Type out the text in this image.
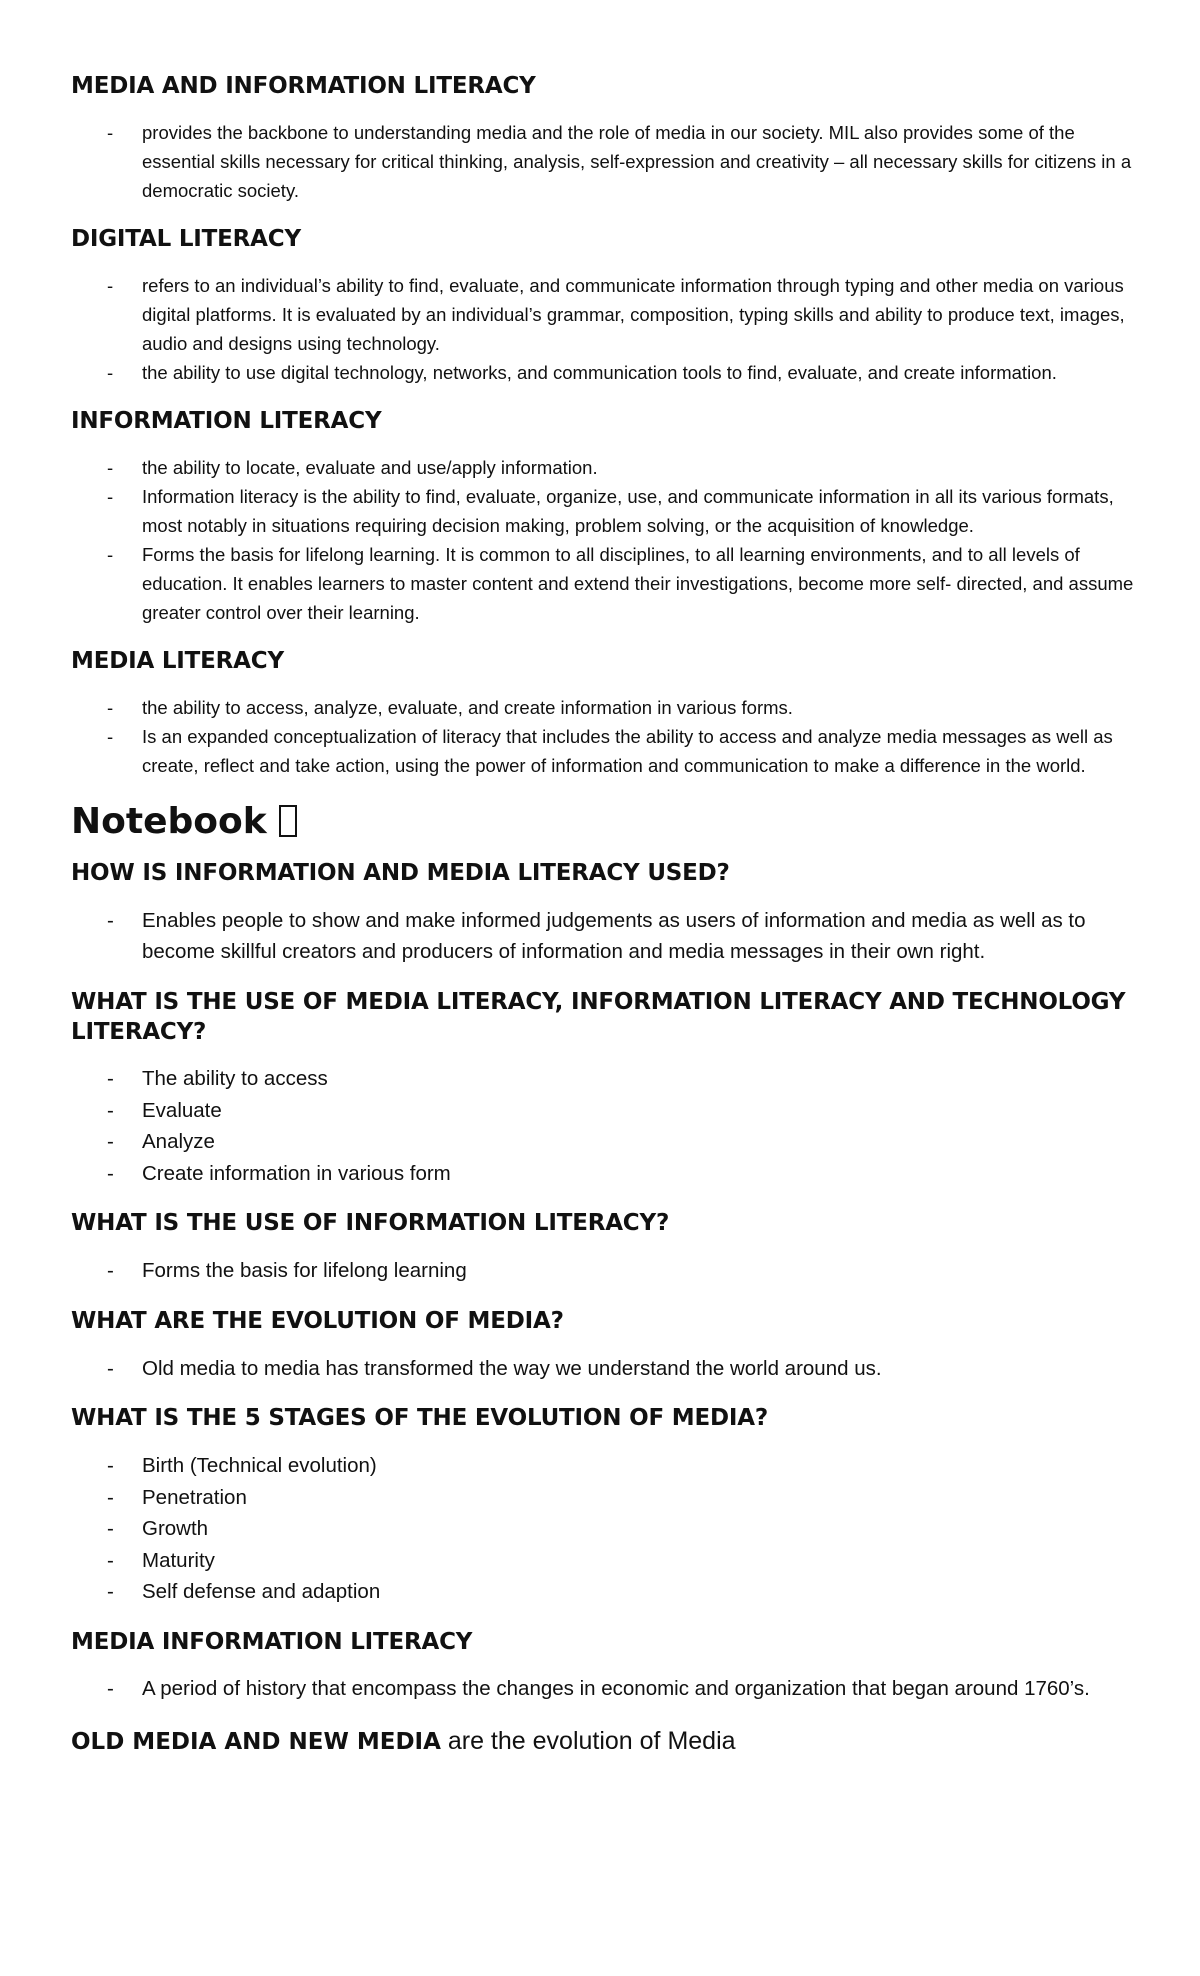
MEDIA AND INFORMATION LITERACY
- provides the backbone to understanding media and the role of media in our society. MIL also provides some of the essential skills necessary for critical thinking, analysis, self-expression and creativity – all necessary skills for citizens in a democratic society.
DIGITAL LITERACY
- refers to an individual’s ability to find, evaluate, and communicate information through typing and other media on various digital platforms. It is evaluated by an individual’s grammar, composition, typing skills and ability to produce text, images, audio and designs using technology.
- the ability to use digital technology, networks, and communication tools to find, evaluate, and create information.
INFORMATION LITERACY
- the ability to locate, evaluate and use/apply information.
- Information literacy is the ability to find, evaluate, organize, use, and communicate information in all its various formats, most notably in situations requiring decision making, problem solving, or the acquisition of knowledge.
- Forms the basis for lifelong learning. It is common to all disciplines, to all learning environments, and to all levels of education. It enables learners to master content and extend their investigations, become more self- directed, and assume greater control over their learning.
MEDIA LITERACY
- the ability to access, analyze, evaluate, and create information in various forms.
- Is an expanded conceptualization of literacy that includes the ability to access and analyze media messages as well as create, reflect and take action, using the power of information and communication to make a difference in the world.
Notebook
HOW IS INFORMATION AND MEDIA LITERACY USED?
- Enables people to show and make informed judgements as users of information and media as well as to become skillful creators and producers of information and media messages in their own right.
WHAT IS THE USE OF MEDIA LITERACY, INFORMATION LITERACY AND TECHNOLOGY LITERACY?
- The ability to access
- Evaluate
- Analyze
- Create information in various form
WHAT IS THE USE OF INFORMATION LITERACY?
- Forms the basis for lifelong learning
WHAT ARE THE EVOLUTION OF MEDIA?
- Old media to media has transformed the way we understand the world around us.
WHAT IS THE 5 STAGES OF THE EVOLUTION OF MEDIA?
- Birth (Technical evolution)
- Penetration
- Growth
- Maturity
- Self defense and adaption
MEDIA INFORMATION LITERACY
- A period of history that encompass the changes in economic and organization that began around 1760’s.
OLD MEDIA AND NEW MEDIA are the evolution of Media
